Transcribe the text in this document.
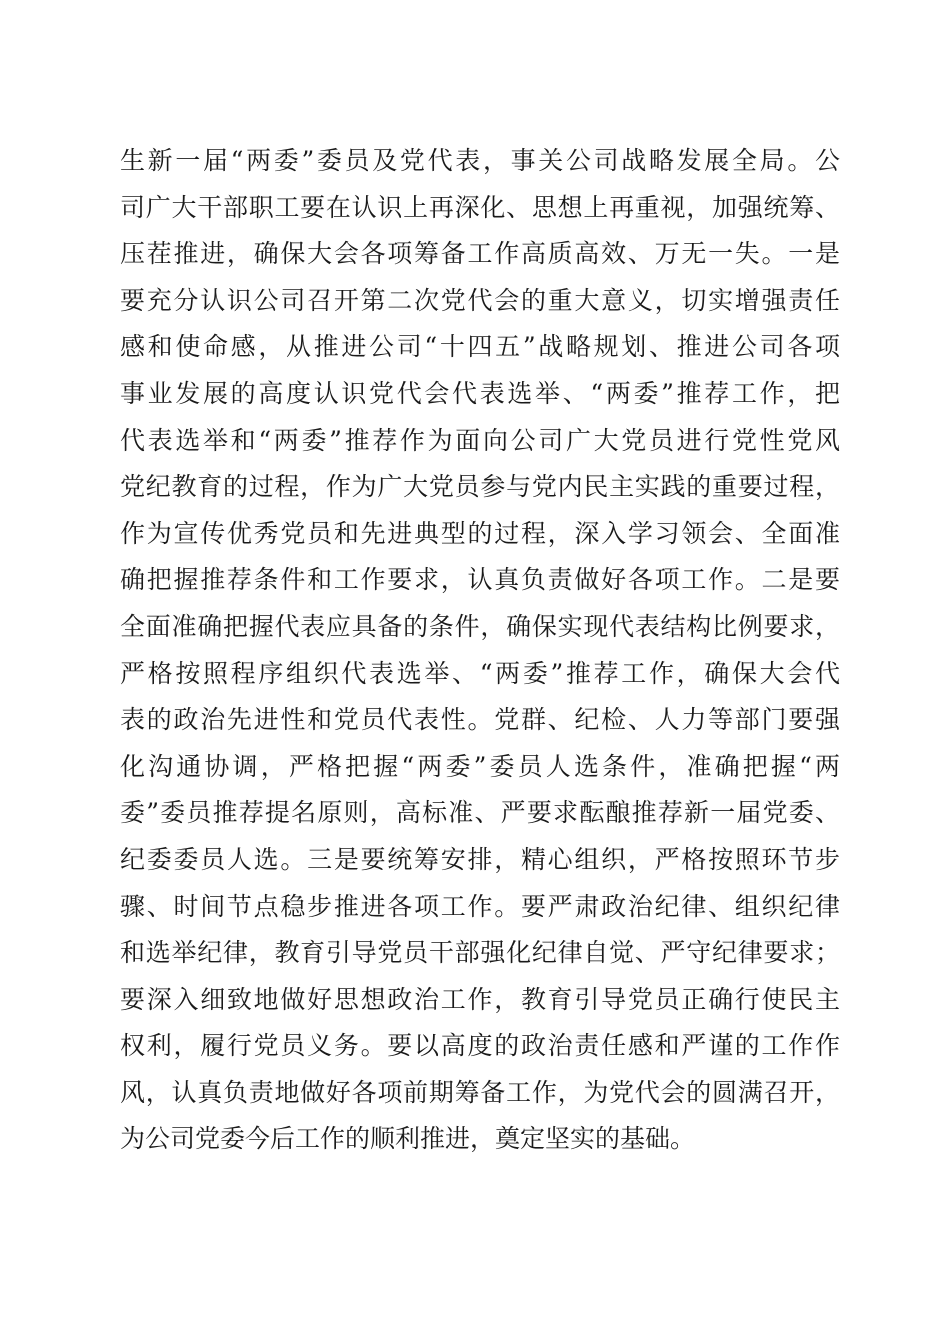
生新一届“两委”委员及党代表，事关公司战略发展全局。公
司广大干部职工要在认识上再深化、思想上再重视，加强统筹、
压茬推进，确保大会各项筹备工作高质高效、万无一失。一是
要充分认识公司召开第二次党代会的重大意义，切实增强责任
感和使命感，从推进公司“十四五”战略规划、推进公司各项
事业发展的高度认识党代会代表选举、“两委”推荐工作，把
代表选举和“两委”推荐作为面向公司广大党员进行党性党风
党纪教育的过程，作为广大党员参与党内民主实践的重要过程，
作为宣传优秀党员和先进典型的过程，深入学习领会、全面准
确把握推荐条件和工作要求，认真负责做好各项工作。二是要
全面准确把握代表应具备的条件，确保实现代表结构比例要求，
严格按照程序组织代表选举、“两委”推荐工作，确保大会代
表的政治先进性和党员代表性。党群、纪检、人力等部门要强
化沟通协调，严格把握“两委”委员人选条件，准确把握“两
委”委员推荐提名原则，高标准、严要求酝酿推荐新一届党委、
纪委委员人选。三是要统筹安排，精心组织，严格按照环节步
骤、时间节点稳步推进各项工作。要严肃政治纪律、组织纪律
和选举纪律，教育引导党员干部强化纪律自觉、严守纪律要求；
要深入细致地做好思想政治工作，教育引导党员正确行使民主
权利，履行党员义务。要以高度的政治责任感和严谨的工作作
风，认真负责地做好各项前期筹备工作，为党代会的圆满召开，
为公司党委今后工作的顺利推进，奠定坚实的基础。
